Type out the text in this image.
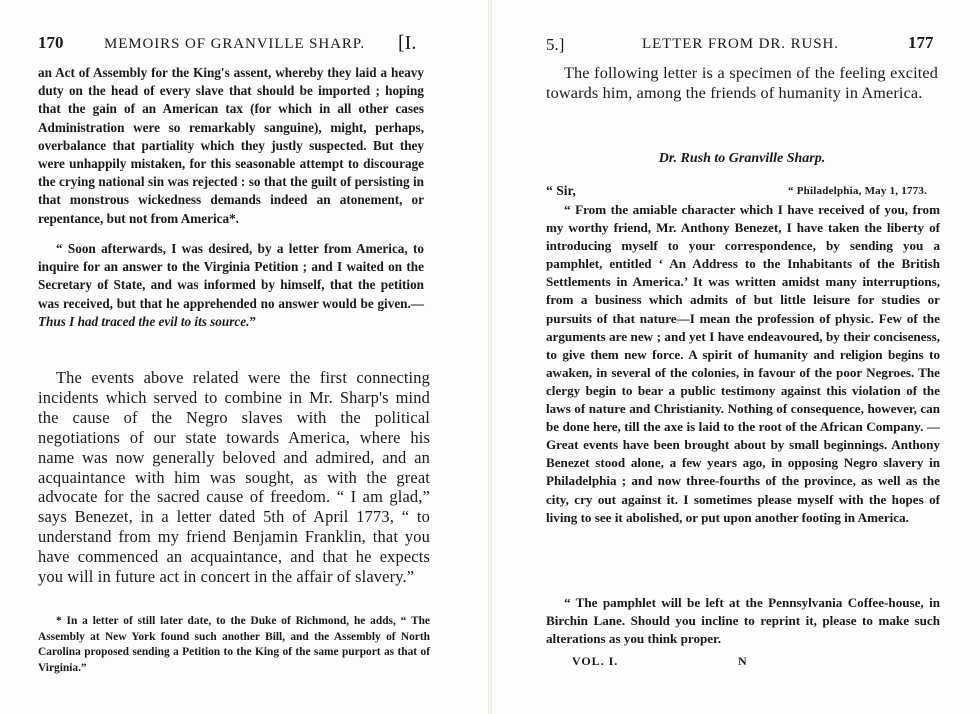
170	MEMOIRS OF GRANVILLE SHARP. [I.

an Act of Assembly for the King's assent, whereby they laid a heavy duty on the head of every slave that should be imported ; hoping that the gain of an American tax (for which in all other cases Administration were so remarkably sanguine), might, perhaps, overbalance that partiality which they justly suspected. But they were unhappily mistaken, for this seasonable attempt to discourage the crying national sin was rejected : so that the guilt of persisting in that monstrous wickedness demands indeed an atonement, or repentance, but not from America*.

“ Soon afterwards, I was desired, by a letter from America, to inquire for an answer to the Virginia Petition ; and I waited on the Secretary of State, and was informed by himself, that the petition was received, but that he apprehended no answer would be given.—Thus I had traced the evil to its source.”

The events above related were the first connecting incidents which served to combine in Mr. Sharp's mind the cause of the Negro slaves with the political negotiations of our state towards America, where his name was now generally beloved and admired, and an acquaintance with him was sought, as with the great advocate for the sacred cause of freedom. “ I am glad,” says Benezet, in a letter dated 5th of April 1773, “ to understand from my friend Benjamin Franklin, that you have commenced an acquaintance, and that he expects you will in future act in concert in the affair of slavery.”

* In a letter of still later date, to the Duke of Richmond, he adds, “ The Assembly at New York found such another Bill, and the Assembly of North Carolina proposed sending a Petition to the King of the same purport as that of Virginia.”

5.]	LETTER FROM DR. RUSH.	177

The following letter is a specimen of the feeling excited towards him, among the friends of humanity in America.

Dr. Rush to Granville Sharp.
“ Sir,	“ Philadelphia, May 1, 1773.

“ From the amiable character which I have received of you, from my worthy friend, Mr. Anthony Benezet, I have taken the liberty of introducing myself to your correspondence, by sending you a pamphlet, entitled ‘ An Address to the Inhabitants of the British Settlements in America.’ It was written amidst many interruptions, from a business which admits of but little leisure for studies or pursuits of that nature—I mean the profession of physic. Few of the arguments are new ; and yet I have endeavoured, by their conciseness, to give them new force. A spirit of humanity and religion begins to awaken, in several of the colonies, in favour of the poor Negroes. The clergy begin to bear a public testimony against this violation of the laws of nature and Christianity. Nothing of consequence, however, can be done here, till the axe is laid to the root of the African Company. — Great events have been brought about by small beginnings. Anthony Benezet stood alone, a few years ago, in opposing Negro slavery in Philadelphia ; and now three-fourths of the province, as well as the city, cry out against it. I sometimes please myself with the hopes of living to see it abolished, or put upon another footing in America.

“ The pamphlet will be left at the Pennsylvania Coffee-house, in Birchin Lane. Should you incline to reprint it, please to make such alterations as you think proper.

VOL. I.	N
